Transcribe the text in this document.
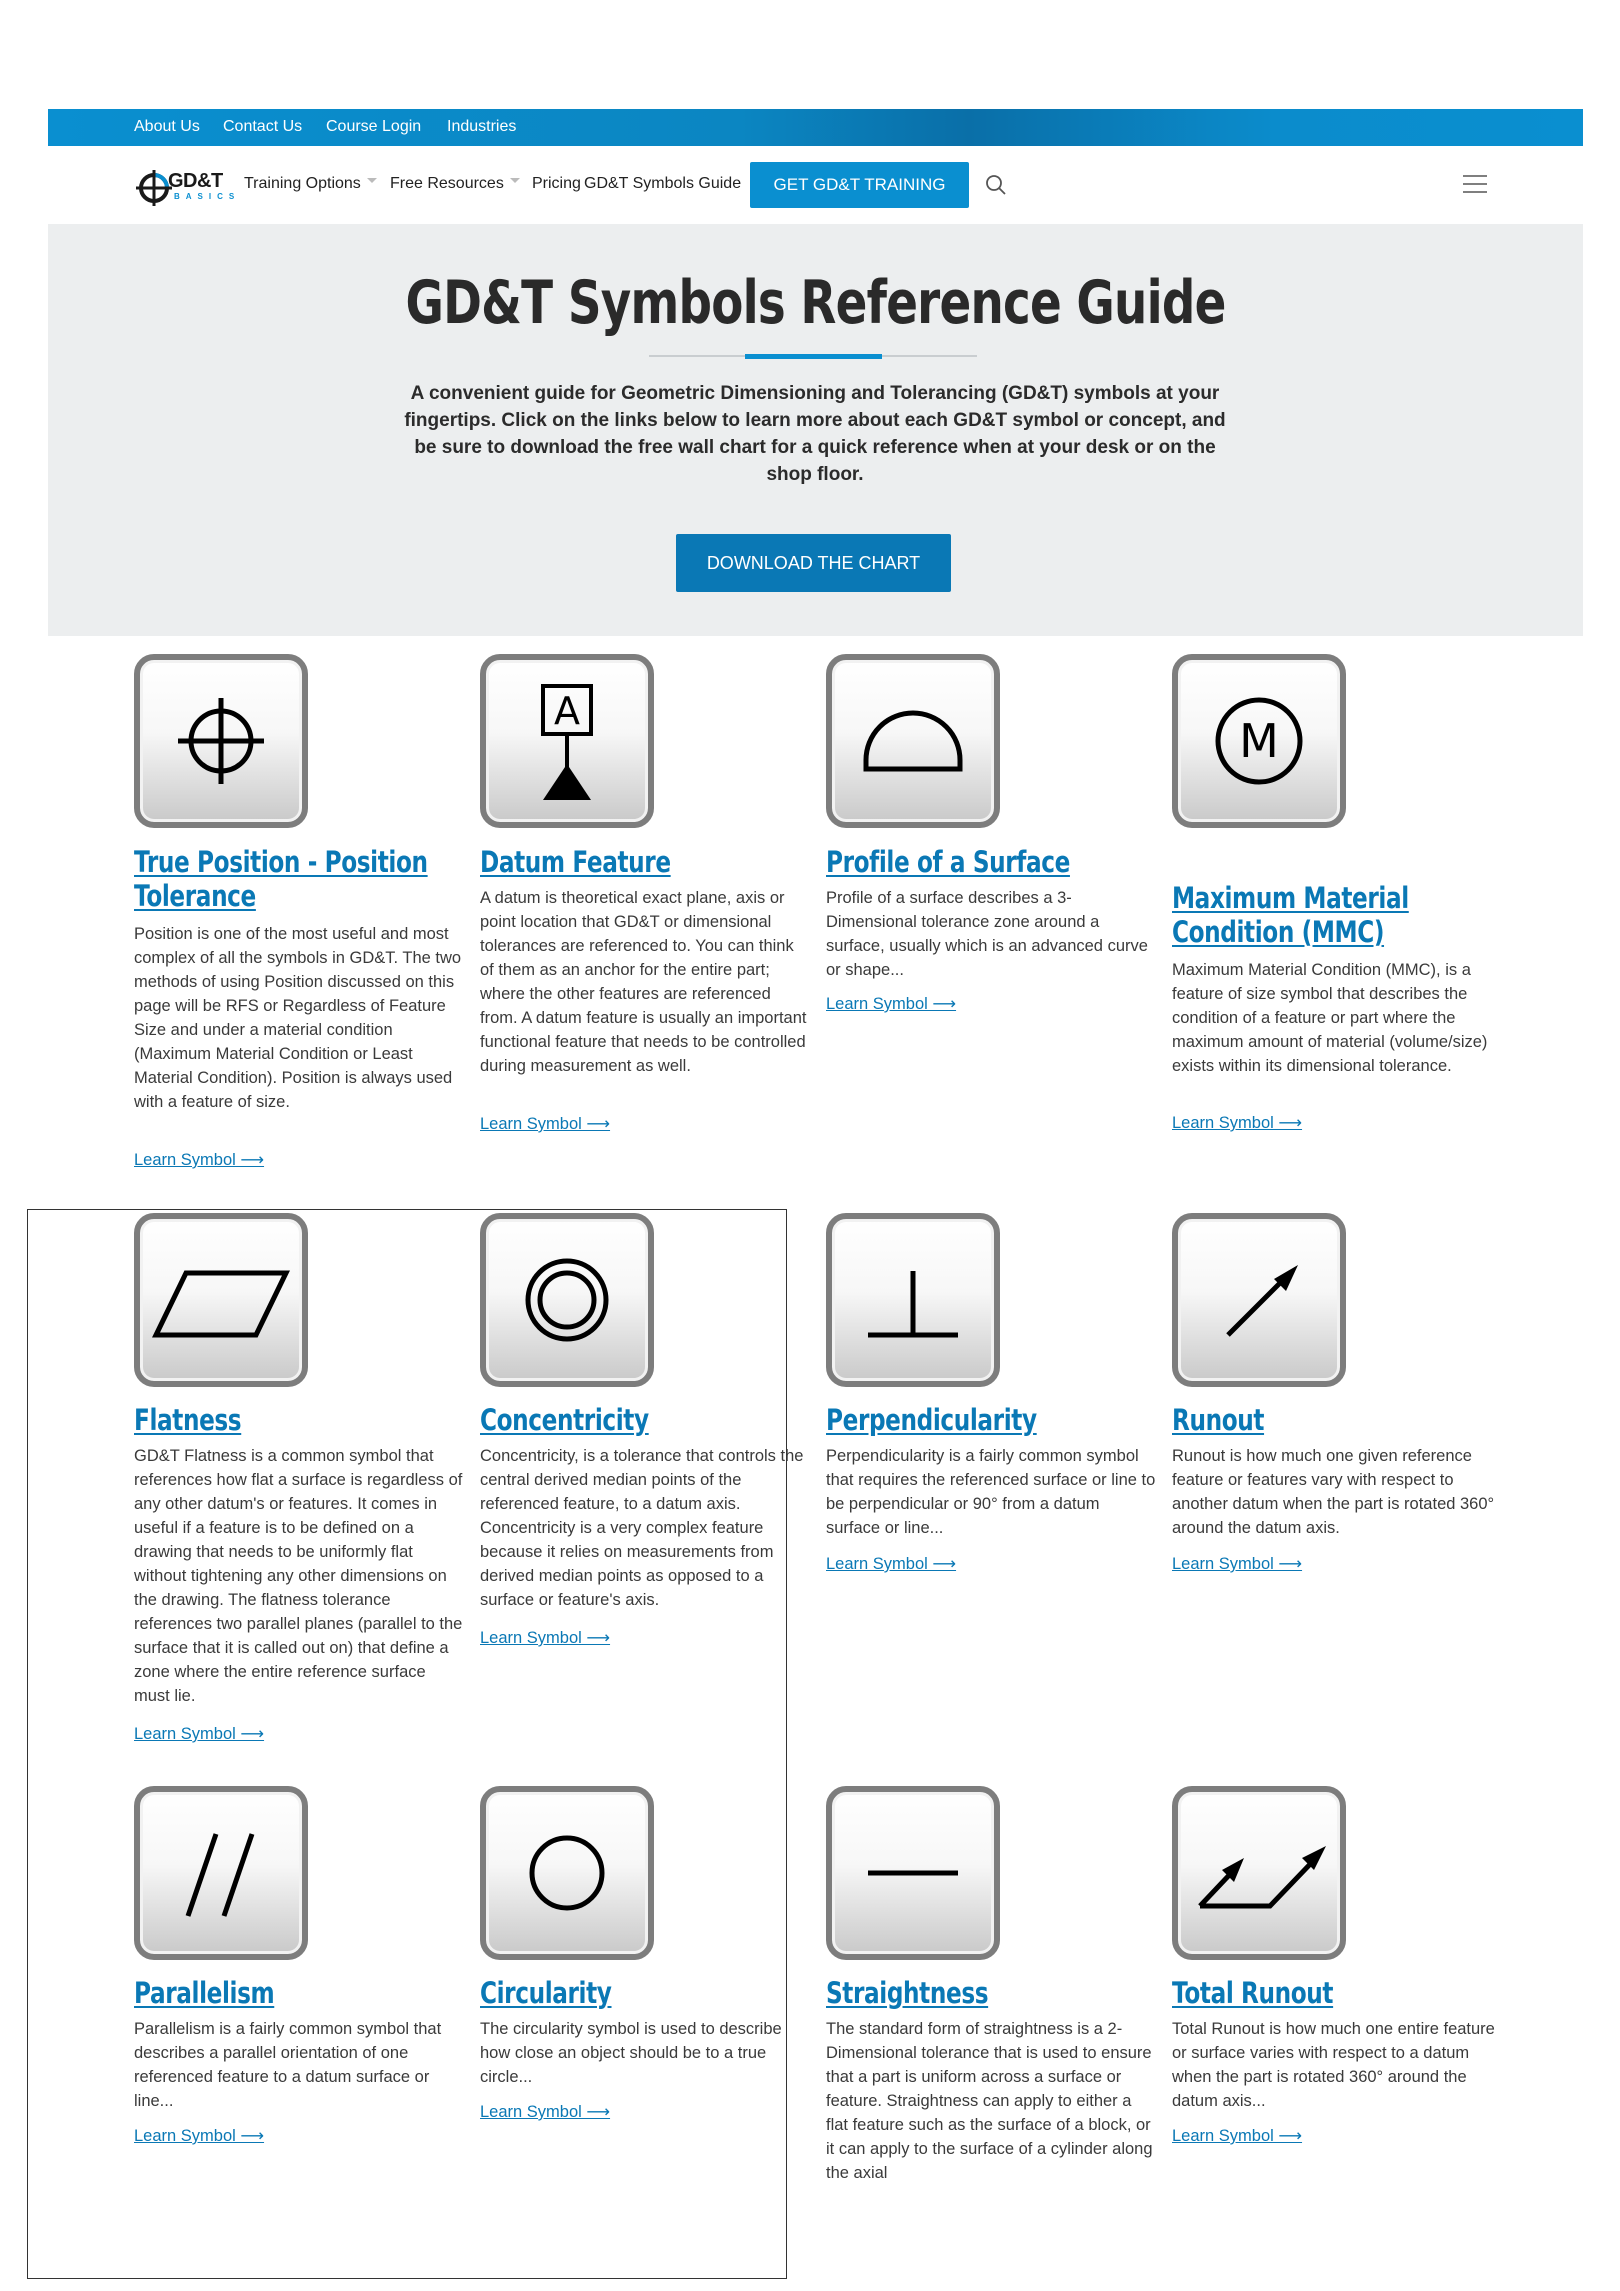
About Us Contact Us Course Login Industries
GD&T
BASICS
Training Options	Free Resources	Pricing GD&T Symbols Guide	GET GD&T TRAINING
GD&T Symbols Reference Guide
A convenient guide for Geometric Dimensioning and Tolerancing (GD&T) symbols at your fingertips. Click on the links below to learn more about each GD&T symbol or concept, and be sure to download the free wall chart for a quick reference when at your desk or on the shop floor.
DOWNLOAD THE CHART
True Position - Position Tolerance

Position is one of the most useful and most complex of all the symbols in GD&T. The two methods of using Position discussed on this page will be RFS or Regardless of Feature Size and under a material condition (Maximum Material Condition or Least Material Condition). Position is always used with a feature of size.

Learn Symbol ⟶
A
Datum Feature

A datum is theoretical exact plane, axis or point location that GD&T or dimensional tolerances are referenced to. You can think of them as an anchor for the entire part; where the other features are referenced from. A datum feature is usually an important functional feature that needs to be controlled during measurement as well.

Learn Symbol ⟶
Profile of a Surface

Profile of a surface describes a 3-Dimensional tolerance zone around a surface, usually which is an advanced curve or shape...

Learn Symbol ⟶
M
Maximum Material Condition (MMC)

Maximum Material Condition (MMC), is a feature of size symbol that describes the condition of a feature or part where the maximum amount of material (volume/size) exists within its dimensional tolerance.

Learn Symbol ⟶
Flatness

GD&T Flatness is a common symbol that references how flat a surface is regardless of any other datum's or features. It comes in useful if a feature is to be defined on a drawing that needs to be uniformly flat without tightening any other dimensions on the drawing. The flatness tolerance references two parallel planes (parallel to the surface that it is called out on) that define a zone where the entire reference surface must lie.

Learn Symbol ⟶
Concentricity

Concentricity, is a tolerance that controls the central derived median points of the referenced feature, to a datum axis. Concentricity is a very complex feature because it relies on measurements from derived median points as opposed to a surface or feature's axis.

Learn Symbol ⟶
Perpendicularity

Perpendicularity is a fairly common symbol that requires the referenced surface or line to be perpendicular or 90° from a datum surface or line...

Learn Symbol ⟶
Runout

Runout is how much one given reference feature or features vary with respect to another datum when the part is rotated 360° around the datum axis.

Learn Symbol ⟶
Parallelism

Parallelism is a fairly common symbol that describes a parallel orientation of one referenced feature to a datum surface or line...

Learn Symbol ⟶
Circularity

The circularity symbol is used to describe how close an object should be to a true circle...

Learn Symbol ⟶
Straightness

The standard form of straightness is a 2-Dimensional tolerance that is used to ensure that a part is uniform across a surface or feature. Straightness can apply to either a flat feature such as the surface of a block, or it can apply to the surface of a cylinder along the axial

Total Runout

Total Runout is how much one entire feature or surface varies with respect to a datum when the part is rotated 360° around the datum axis...

Learn Symbol ⟶
